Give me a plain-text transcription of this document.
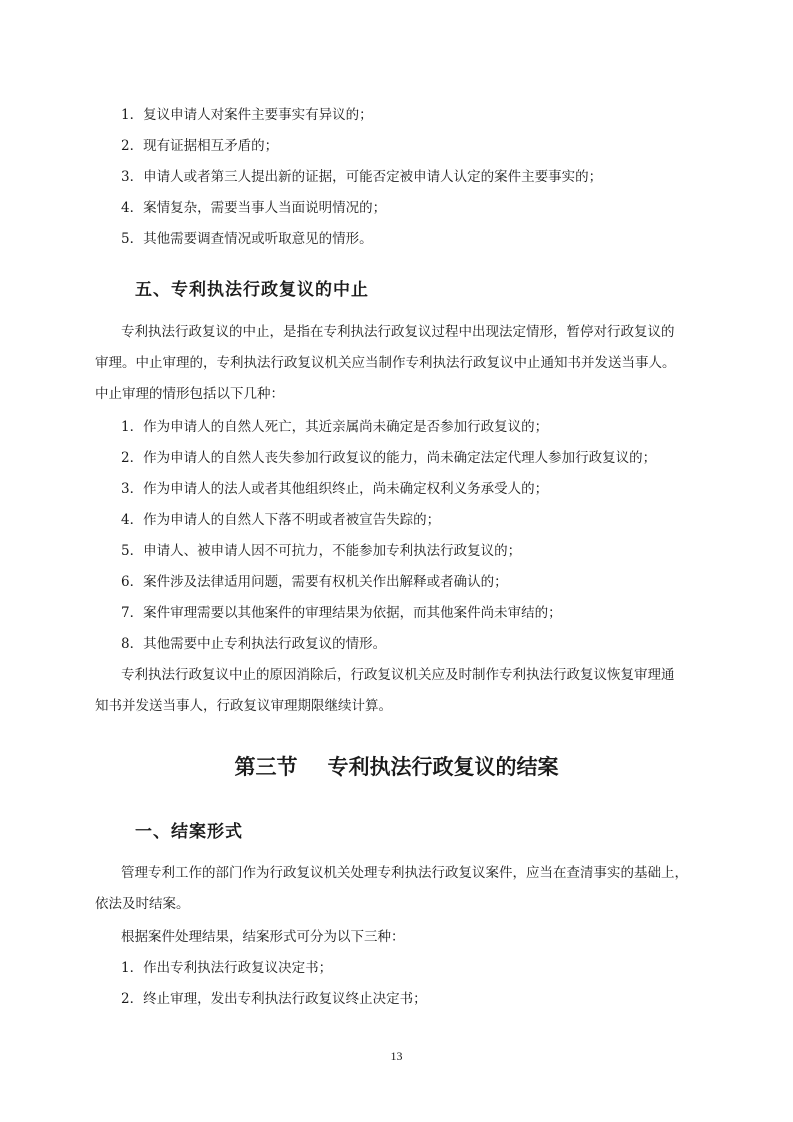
1．复议申请人对案件主要事实有异议的；
2．现有证据相互矛盾的；
3．申请人或者第三人提出新的证据，可能否定被申请人认定的案件主要事实的；
4．案情复杂，需要当事人当面说明情况的；
5．其他需要调查情况或听取意见的情形。
五、专利执法行政复议的中止
专利执法行政复议的中止，是指在专利执法行政复议过程中出现法定情形，暂停对行政复议的
审理。中止审理的，专利执法行政复议机关应当制作专利执法行政复议中止通知书并发送当事人。
中止审理的情形包括以下几种：
1．作为申请人的自然人死亡，其近亲属尚未确定是否参加行政复议的；
2．作为申请人的自然人丧失参加行政复议的能力，尚未确定法定代理人参加行政复议的；
3．作为申请人的法人或者其他组织终止，尚未确定权利义务承受人的；
4．作为申请人的自然人下落不明或者被宣告失踪的；
5．申请人、被申请人因不可抗力，不能参加专利执法行政复议的；
6．案件涉及法律适用问题，需要有权机关作出解释或者确认的；
7．案件审理需要以其他案件的审理结果为依据，而其他案件尚未审结的；
8．其他需要中止专利执法行政复议的情形。
专利执法行政复议中止的原因消除后，行政复议机关应及时制作专利执法行政复议恢复审理通
知书并发送当事人，行政复议审理期限继续计算。
第三节 专利执法行政复议的结案
一、结案形式
管理专利工作的部门作为行政复议机关处理专利执法行政复议案件，应当在查清事实的基础上，
依法及时结案。
根据案件处理结果，结案形式可分为以下三种：
1．作出专利执法行政复议决定书；
2．终止审理，发出专利执法行政复议终止决定书；
13
